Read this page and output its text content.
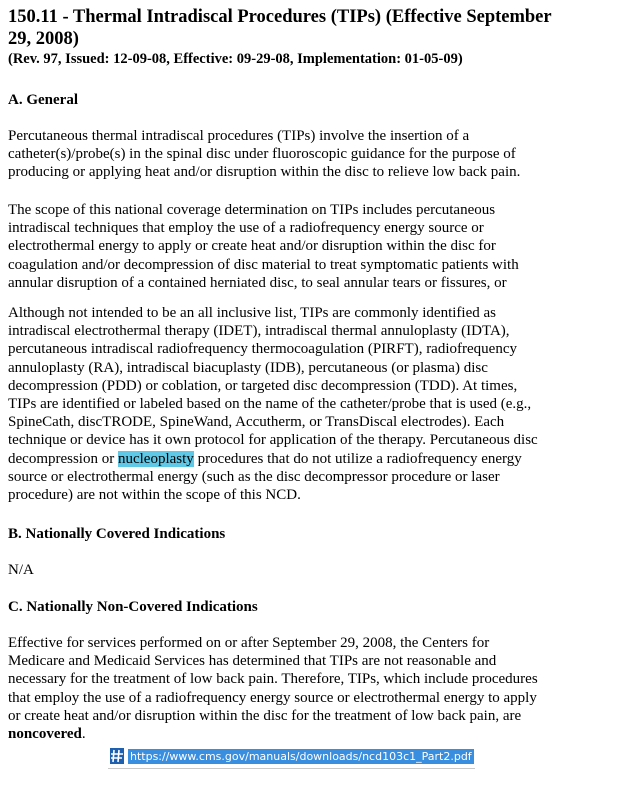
150.11 - Thermal Intradiscal Procedures (TIPs) (Effective September
29, 2008)
(Rev. 97, Issued: 12-09-08, Effective: 09-29-08, Implementation: 01-05-09)
A. General
Percutaneous thermal intradiscal procedures (TIPs) involve the insertion of a
catheter(s)/probe(s) in the spinal disc under fluoroscopic guidance for the purpose of
producing or applying heat and/or disruption within the disc to relieve low back pain.
The scope of this national coverage determination on TIPs includes percutaneous
intradiscal techniques that employ the use of a radiofrequency energy source or
electrothermal energy to apply or create heat and/or disruption within the disc for
coagulation and/or decompression of disc material to treat symptomatic patients with
annular disruption of a contained herniated disc, to seal annular tears or fissures, or
Although not intended to be an all inclusive list, TIPs are commonly identified as
intradiscal electrothermal therapy (IDET), intradiscal thermal annuloplasty (IDTA),
percutaneous intradiscal radiofrequency thermocoagulation (PIRFT), radiofrequency
annuloplasty (RA), intradiscal biacuplasty (IDB), percutaneous (or plasma) disc
decompression (PDD) or coblation, or targeted disc decompression (TDD). At times,
TIPs are identified or labeled based on the name of the catheter/probe that is used (e.g.,
SpineCath, discTRODE, SpineWand, Accutherm, or TransDiscal electrodes). Each
technique or device has it own protocol for application of the therapy. Percutaneous disc
decompression or nucleoplasty procedures that do not utilize a radiofrequency energy
source or electrothermal energy (such as the disc decompressor procedure or laser
procedure) are not within the scope of this NCD.
B. Nationally Covered Indications
N/A
C. Nationally Non-Covered Indications
Effective for services performed on or after September 29, 2008, the Centers for
Medicare and Medicaid Services has determined that TIPs are not reasonable and
necessary for the treatment of low back pain. Therefore, TIPs, which include procedures
that employ the use of a radiofrequency energy source or electrothermal energy to apply
or create heat and/or disruption within the disc for the treatment of low back pain, are
noncovered.
https://www.cms.gov/manuals/downloads/ncd103c1_Part2.pdf
